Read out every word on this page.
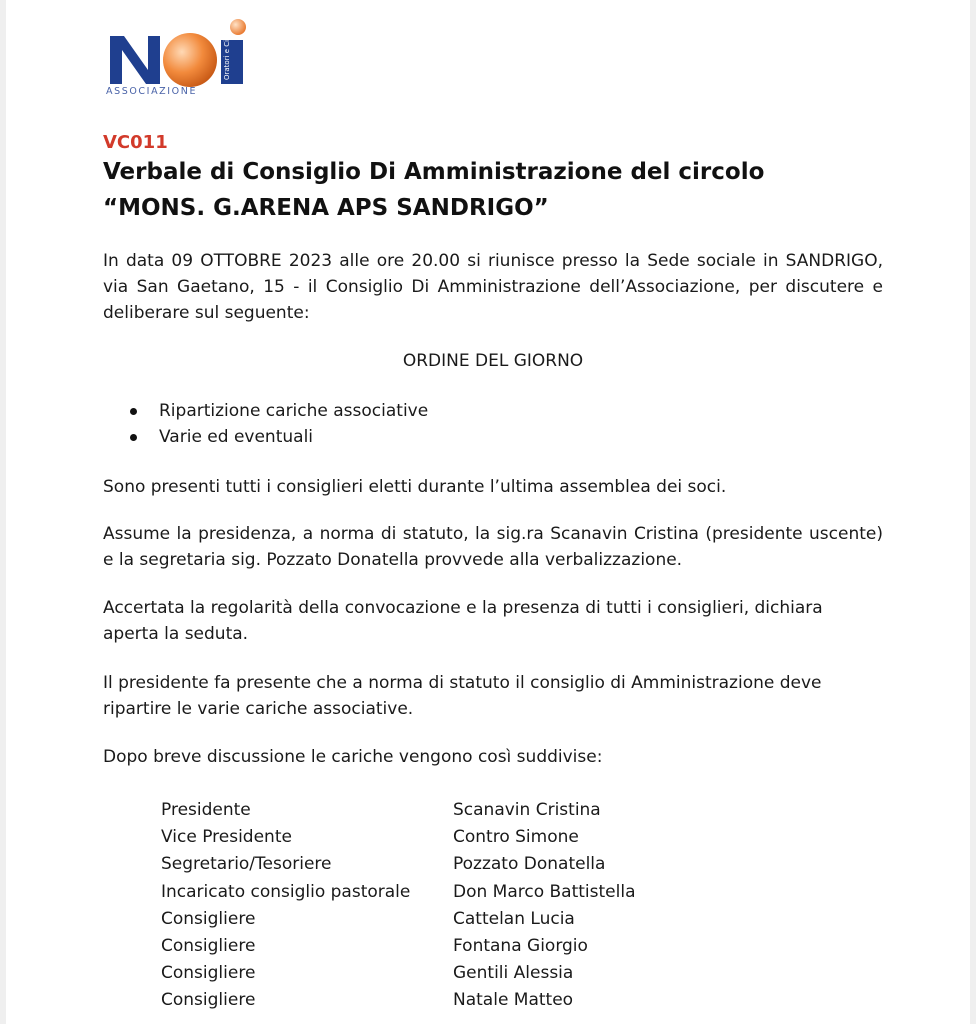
Oratori e Circoli
ASSOCIAZIONE
VC011
Verbale di Consiglio Di Amministrazione del circolo
“MONS. G.ARENA APS SANDRIGO”

In data 09 OTTOBRE 2023 alle ore 20.00 si riunisce presso la Sede sociale in SANDRIGO, via San Gaetano, 15 - il Consiglio Di Amministrazione dell’Associazione, per discutere e deliberare sul seguente:

ORDINE DEL GIORNO
Ripartizione cariche associative
Varie ed eventuali

Sono presenti tutti i consiglieri eletti durante l’ultima assemblea dei soci.

Assume la presidenza, a norma di statuto, la sig.ra Scanavin Cristina (presidente uscente) e la segretaria sig. Pozzato Donatella provvede alla verbalizzazione.

Accertata la regolarità della convocazione e la presenza di tutti i consiglieri, dichiara aperta la seduta.

Il presidente fa presente che a norma di statuto il consiglio di Amministrazione deve ripartire le varie cariche associative.

Dopo breve discussione le cariche vengono così suddivise:

Presidente	Scanavin Cristina
Vice Presidente	Contro Simone
Segretario/Tesoriere	Pozzato Donatella
Incaricato consiglio pastorale	Don Marco Battistella
Consigliere	Cattelan Lucia
Consigliere	Fontana Giorgio
Consigliere	Gentili Alessia
Consigliere	Natale Matteo
